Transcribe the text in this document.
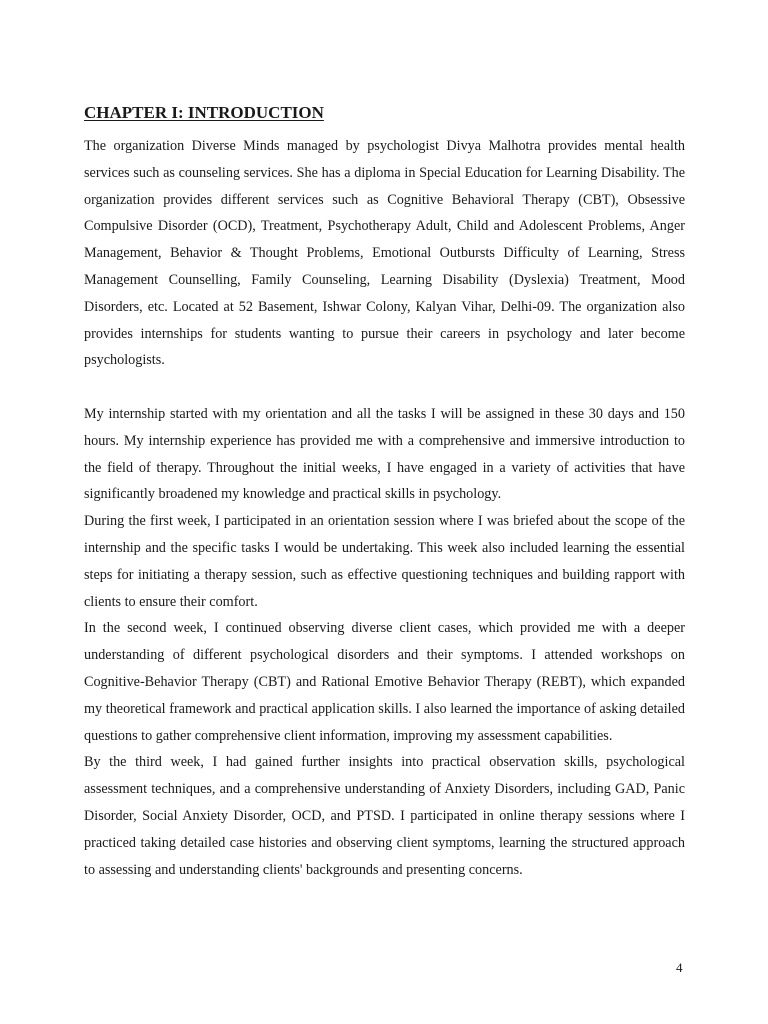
CHAPTER I: INTRODUCTION

The organization Diverse Minds managed by psychologist Divya Malhotra provides mental health services such as counseling services. She has a diploma in Special Education for Learning Disability. The organization provides different services such as Cognitive Behavioral Therapy (CBT), Obsessive Compulsive Disorder (OCD), Treatment, Psychotherapy Adult, Child and Adolescent Problems, Anger Management, Behavior & Thought Problems, Emotional Outbursts Difficulty of Learning, Stress Management Counselling, Family Counseling, Learning Disability (Dyslexia) Treatment, Mood Disorders, etc. Located at 52 Basement, Ishwar Colony, Kalyan Vihar, Delhi-09. The organization also provides internships for students wanting to pursue their careers in psychology and later become psychologists.

My internship started with my orientation and all the tasks I will be assigned in these 30 days and 150 hours. My internship experience has provided me with a comprehensive and immersive introduction to the field of therapy. Throughout the initial weeks, I have engaged in a variety of activities that have significantly broadened my knowledge and practical skills in psychology.

During the first week, I participated in an orientation session where I was briefed about the scope of the internship and the specific tasks I would be undertaking. This week also included learning the essential steps for initiating a therapy session, such as effective questioning techniques and building rapport with clients to ensure their comfort.

In the second week, I continued observing diverse client cases, which provided me with a deeper understanding of different psychological disorders and their symptoms. I attended workshops on Cognitive-Behavior Therapy (CBT) and Rational Emotive Behavior Therapy (REBT), which expanded my theoretical framework and practical application skills. I also learned the importance of asking detailed questions to gather comprehensive client information, improving my assessment capabilities.

By the third week, I had gained further insights into practical observation skills, psychological assessment techniques, and a comprehensive understanding of Anxiety Disorders, including GAD, Panic Disorder, Social Anxiety Disorder, OCD, and PTSD. I participated in online therapy sessions where I practiced taking detailed case histories and observing client symptoms, learning the structured approach to assessing and understanding clients' backgrounds and presenting concerns.

4
